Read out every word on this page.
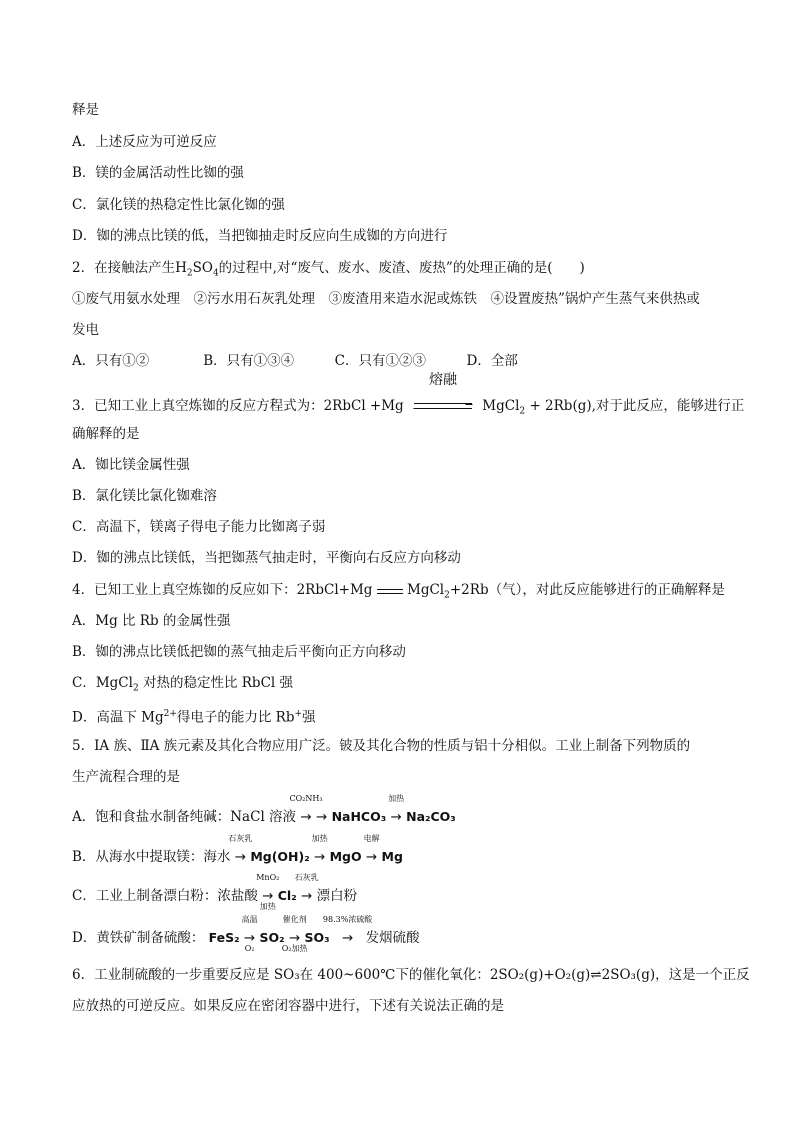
释是
A．上述反应为可逆反应
B．镁的金属活动性比铷的强
C．氯化镁的热稳定性比氯化铷的强
D．铷的沸点比镁的低，当把铷抽走时反应向生成铷的方向进行
2．在接触法产生$H_2SO_4$的过程中,对“废气、废水、废渣、废热”的处理正确的是(　　)
①废气用氨水处理　②污水用石灰乳处理　③废渣用来造水泥或炼铁　④设置废热”锅炉产生蒸气来供热或
发电
A．只有①②　　　　B．只有①③④　　　C．只有①②③　　　D．全部
3．已知工业上真空炼铷的反应方程式为：2RbCl +Mg
熔融
MgCl$_2$ + 2Rb(g),对于此反应，能够进行正
确解释的是
A．铷比镁金属性强
B．氯化镁比氯化铷难溶
C．高温下，镁离子得电子能力比铷离子弱
D．铷的沸点比镁低，当把铷蒸气抽走时，平衡向右反应方向移动
4．已知工业上真空炼铷的反应如下：2RbCl+Mg	MgCl$_2$+2Rb（气），对此反应能够进行的正确解释是
A．Mg 比 Rb 的金属性强
B．铷的沸点比镁低把铷的蒸气抽走后平衡向正方向移动
C．MgCl$_2$ 对热的稳定性比 RbCl 强
D．高温下 $Mg^{2+}$得电子的能力比 Rb+强
5．ⅠA 族、ⅡA 族元素及其化合物应用广泛。铍及其化合物的性质与铝十分相似。工业上制备下列物质的
生产流程合理的是
A．饱和食盐水制备纯碱：NaCl 溶液
CO₂NH₃
→ → NaHCO₃
加热
→ Na₂CO₃
B．从海水中提取镁：海水
石灰乳
→ Mg(OH)₂
加热
→ MgO
电解
→ Mg
C．工业上制备漂白粉：浓盐酸
MnO₂
→
加热
Cl₂
石灰乳
→ 漂白粉
D．黄铁矿制备硫酸： FeS₂
高温
→
O₂
SO₂
催化剂
→
O₂加热
SO₃
98.3%浓硫酸
→ 发烟硫酸
6．工业制硫酸的一步重要反应是 SO₃在 400~600℃下的催化氧化：2SO₂(g)+O₂(g)⇌2SO₃(g)，这是一个正反
应放热的可逆反应。如果反应在密闭容器中进行，下述有关说法正确的是
